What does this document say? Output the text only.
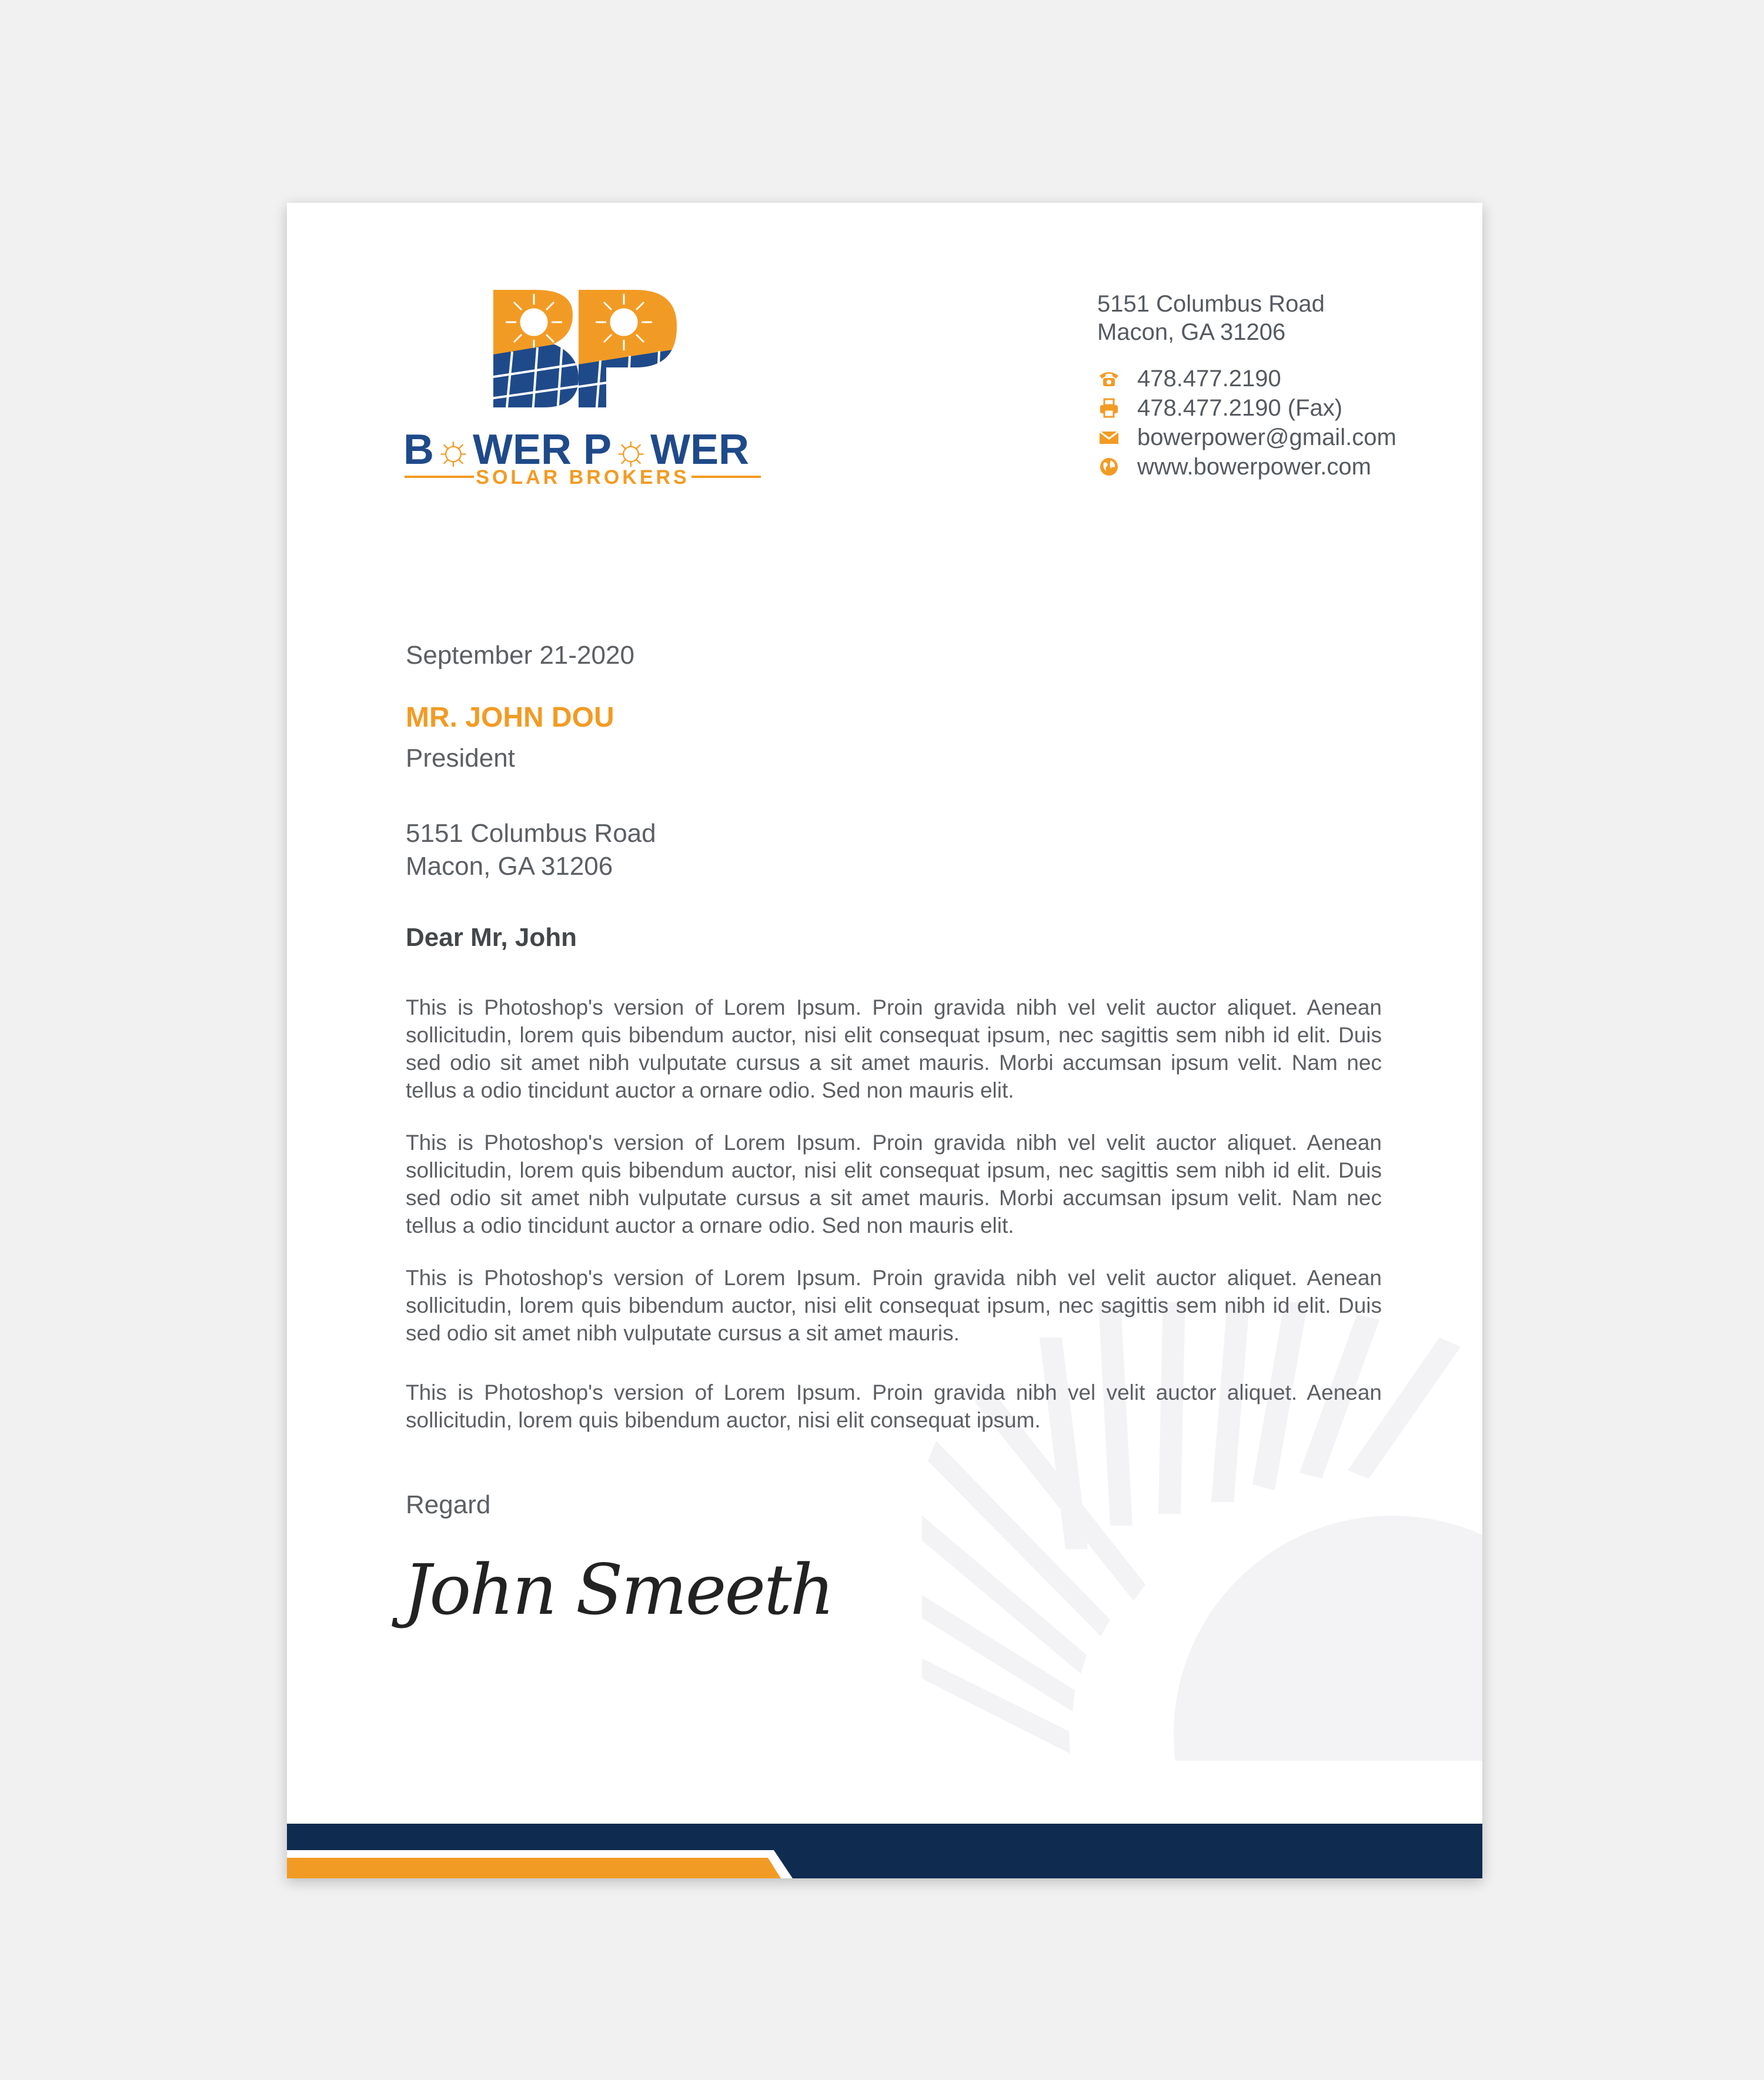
B☼WER P☼WER
SOLAR BROKERS
5151 Columbus Road
Macon, GA 31206
478.477.2190
478.477.2190 (Fax)
bowerpower@gmail.com
www.bowerpower.com
September 21-2020
MR. JOHN DOU
President
5151 Columbus Road
Macon, GA 31206
Dear Mr, John
This is Photoshop's version of Lorem Ipsum. Proin gravida nibh vel velit auctor aliquet. Aenean sollicitudin, lorem quis bibendum auctor, nisi elit consequat ipsum, nec sagittis sem nibh id elit. Duis sed odio sit amet nibh vulputate cursus a sit amet mauris. Morbi accumsan ipsum velit. Nam nec tellus a odio tincidunt auctor a ornare odio. Sed non mauris elit.
This is Photoshop's version of Lorem Ipsum. Proin gravida nibh vel velit auctor aliquet. Aenean sollicitudin, lorem quis bibendum auctor, nisi elit consequat ipsum, nec sagittis sem nibh id elit. Duis sed odio sit amet nibh vulputate cursus a sit amet mauris. Morbi accumsan ipsum velit. Nam nec tellus a odio tincidunt auctor a ornare odio. Sed non mauris elit.
This is Photoshop's version of Lorem Ipsum. Proin gravida nibh vel velit auctor aliquet. Aenean sollicitudin, lorem quis bibendum auctor, nisi elit consequat ipsum, nec sagittis sem nibh id elit. Duis sed odio sit amet nibh vulputate cursus a sit amet mauris.
This is Photoshop's version of Lorem Ipsum. Proin gravida nibh vel velit auctor aliquet. Aenean sollicitudin, lorem quis bibendum auctor, nisi elit consequat ipsum.
Regard
John Smeeth
